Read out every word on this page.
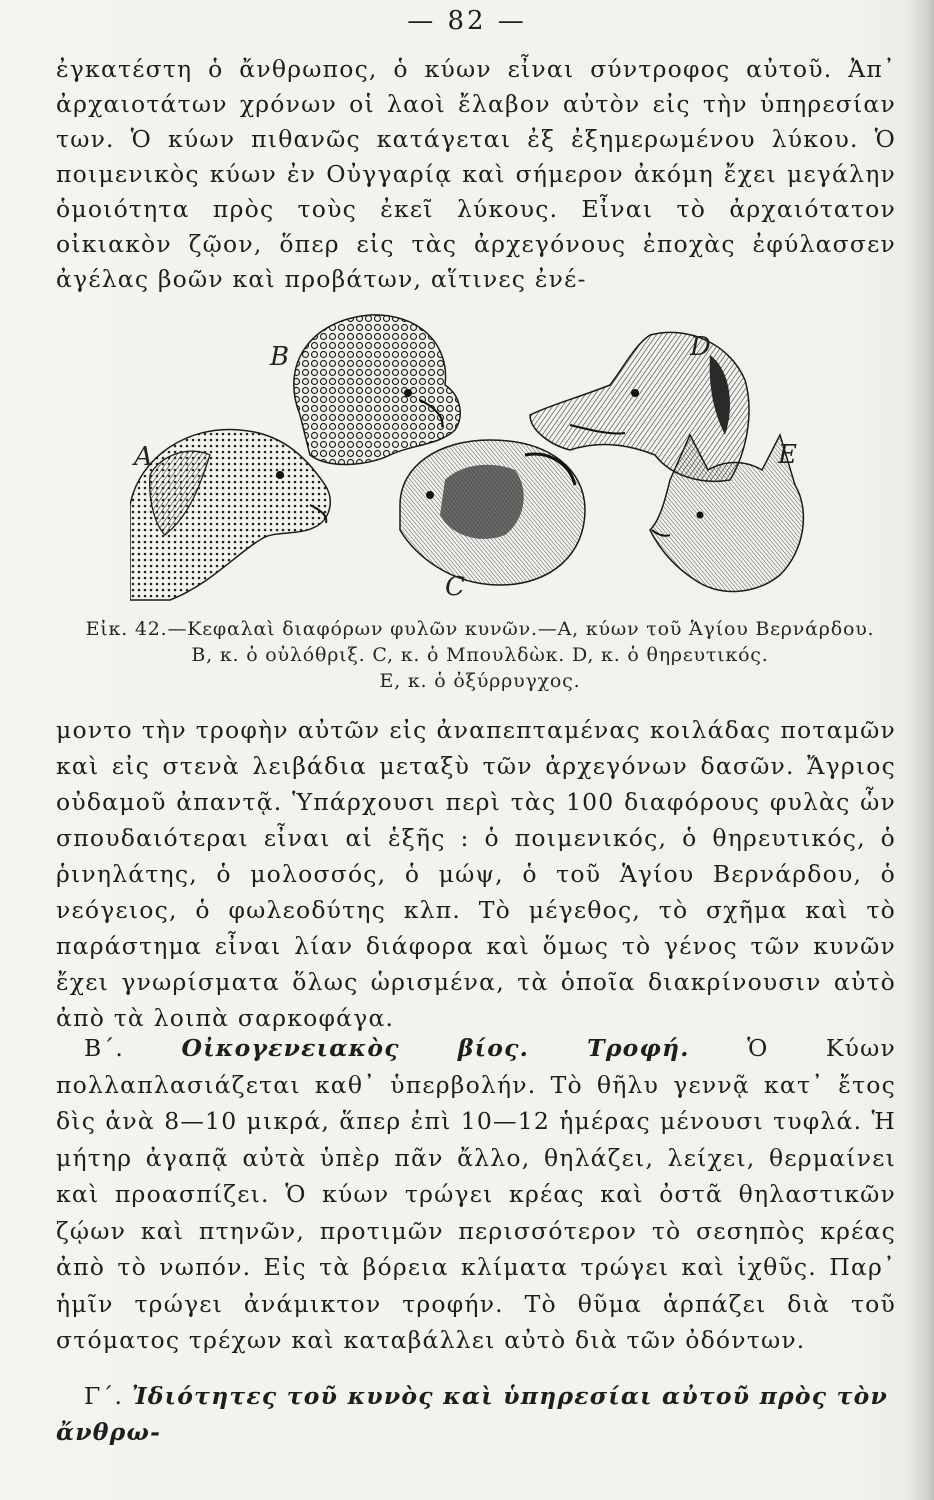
— 82 —

ἐγκατέστη ὁ ἄνθρωπος, ὁ κύων εἶναι σύντροφος αὐτοῦ. Ἀπ᾽ ἀρχαιοτάτων χρόνων οἱ λαοὶ ἔλαβον αὐτὸν εἰς τὴν ὑπηρεσίαν των. Ὁ κύων πιθανῶς κατάγεται ἐξ ἐξημερωμένου λύκου. Ὁ ποιμενικὸς κύων ἐν Οὐγγαρίᾳ καὶ σήμερον ἀκόμη ἔχει μεγάλην ὁμοιότητα πρὸς τοὺς ἐκεῖ λύκους. Εἶναι τὸ ἀρχαιότατον οἰκιακὸν ζῷον, ὅπερ εἰς τὰς ἀρχεγόνους ἐποχὰς ἐφύλασσεν ἀγέλας βοῶν καὶ προβάτων, αἵτινες ἐνέ-

B
A
C
D
E
Εἰκ. 42.—Κεφαλαὶ διαφόρων φυλῶν κυνῶν.—Α, κύων τοῦ Ἁγίου Βερνάρδου.
Β, κ. ὁ οὐλόθριξ. C, κ. ὁ Μπουλδὼκ. D, κ. ὁ θηρευτικός.
Ε, κ. ὁ ὀξύρρυγχος.

μοντο τὴν τροφὴν αὐτῶν εἰς ἀναπεπταμένας κοιλάδας ποταμῶν καὶ εἰς στενὰ λειβάδια μεταξὺ τῶν ἀρχεγόνων δασῶν. Ἄγριος οὐδαμοῦ ἀπαντᾷ. Ὑπάρχουσι περὶ τὰς 100 διαφόρους φυλὰς ὧν σπουδαιότεραι εἶναι αἱ ἑξῆς : ὁ ποιμενικός, ὁ θηρευτικός, ὁ ῥινηλάτης, ὁ μολοσσός, ὁ μώψ, ὁ τοῦ Ἁγίου Βερνάρδου, ὁ νεόγειος, ὁ φωλεοδύτης κλπ. Τὸ μέγεθος, τὸ σχῆμα καὶ τὸ παράστημα εἶναι λίαν διάφορα καὶ ὅμως τὸ γένος τῶν κυνῶν ἔχει γνωρίσματα ὅλως ὡρισμένα, τὰ ὁποῖα διακρίνουσιν αὐτὸ ἀπὸ τὰ λοιπὰ σαρκοφάγα.

Β΄. Οἰκογενειακὸς βίος. Τροφή. Ὁ Κύων πολλαπλασιάζεται καθ᾽ ὑπερβολήν. Τὸ θῆλυ γεννᾷ κατ᾽ ἔτος δὶς ἀνὰ 8—10 μικρά, ἅπερ ἐπὶ 10—12 ἡμέρας μένουσι τυφλά. Ἡ μήτηρ ἀγαπᾷ αὐτὰ ὑπὲρ πᾶν ἄλλο, θηλάζει, λείχει, θερμαίνει καὶ προασπίζει. Ὁ κύων τρώγει κρέας καὶ ὀστᾶ θηλαστικῶν ζῴων καὶ πτηνῶν, προτιμῶν περισσότερον τὸ σεσηπὸς κρέας ἀπὸ τὸ νωπόν. Εἰς τὰ βόρεια κλίματα τρώγει καὶ ἰχθῦς. Παρ᾽ ἡμῖν τρώγει ἀνάμικτον τροφήν. Τὸ θῦμα ἁρπάζει διὰ τοῦ στόματος τρέχων καὶ καταβάλλει αὐτὸ διὰ τῶν ὀδόντων.

Γ΄. Ἰδιότητες τοῦ κυνὸς καὶ ὑπηρεσίαι αὐτοῦ πρὸς τὸν ἄνθρω-
